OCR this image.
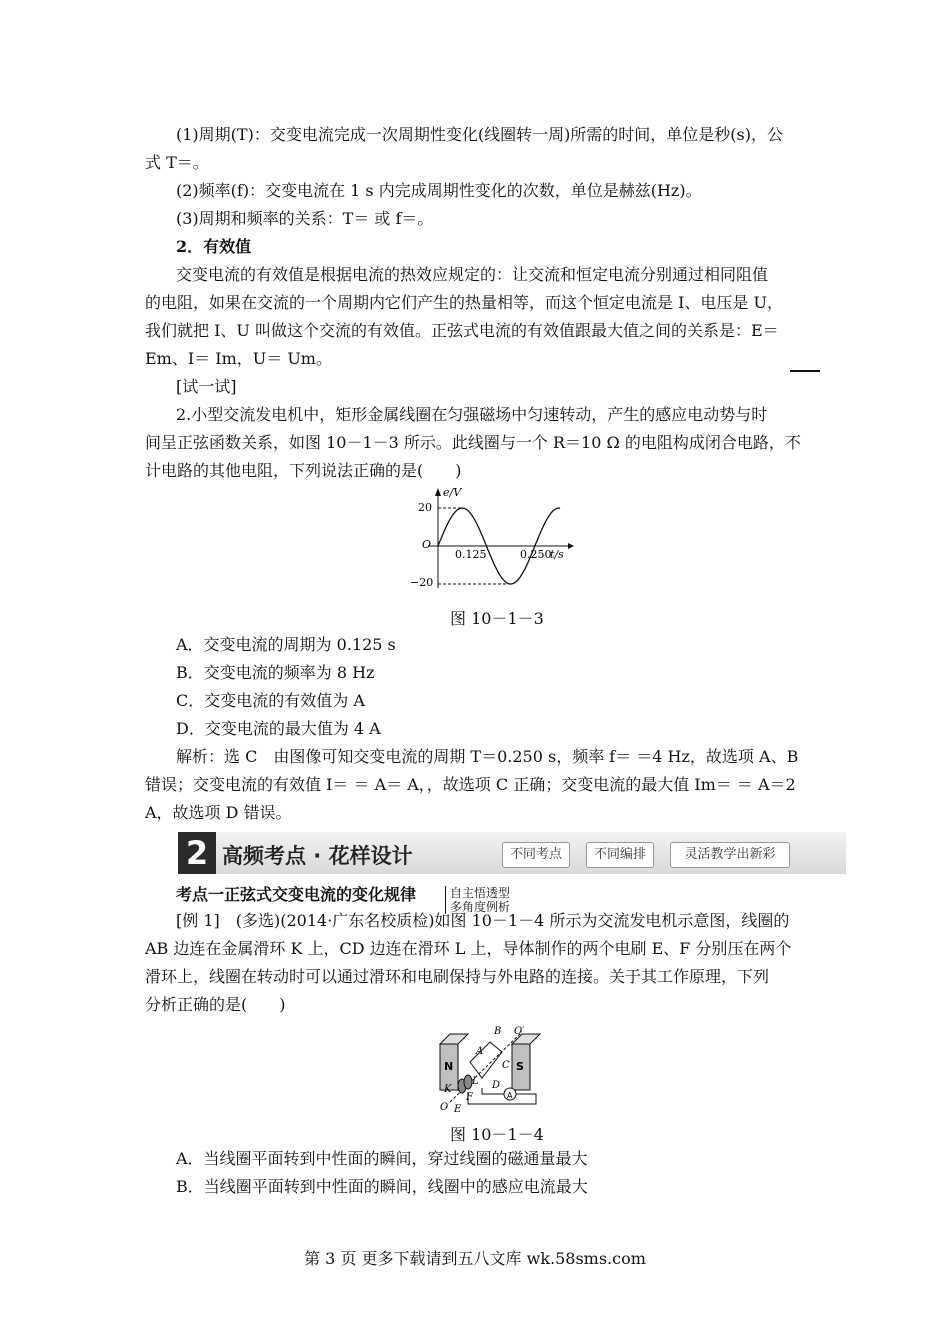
(1)周期(T)：交变电流完成一次周期性变化(线圈转一周)所需的时间，单位是秒(s)，公
式 T＝。
(2)频率(f)：交变电流在 1 s 内完成周期性变化的次数，单位是赫兹(Hz)。
(3)周期和频率的关系：T＝ 或 f＝。
2．有效值
交变电流的有效值是根据电流的热效应规定的：让交流和恒定电流分别通过相同阻值
的电阻，如果在交流的一个周期内它们产生的热量相等，而这个恒定电流是 I、电压是 U，
我们就把 I、U 叫做这个交流的有效值。正弦式电流的有效值跟最大值之间的关系是：E＝
Em、I＝ Im，U＝ Um。
[试一试]
2.小型交流发电机中，矩形金属线圈在匀强磁场中匀速转动，产生的感应电动势与时
间呈正弦函数关系，如图 10－1－3 所示。此线圈与一个 R＝10 Ω 的电阻构成闭合电路，不
计电路的其他电阻，下列说法正确的是(　　)
e/V
t/s
O
20
−20
0.125	0.250
图 10－1－3
A．交变电流的周期为 0.125 s
B．交变电流的频率为 8 Hz
C．交变电流的有效值为 A
D．交变电流的最大值为 4 A
解析：选 C　由图像可知交变电流的周期 T＝0.250 s，频率 f＝ ＝4 Hz，故选项 A、B
错误；交变电流的有效值 I＝ ＝ A＝ A，，故选项 C 正确；交变电流的最大值 Im＝ ＝ A＝2
A，故选项 D 错误。
2 高频考点 · 花样设计	不同考点	不同编排	灵活教学出新彩
考点一正弦式交变电流的变化规律	自主悟透型
多角度例析
[例 1]　(多选)(2014·广东名校质检)如图 10－1－4 所示为交流发电机示意图，线圈的
AB 边连在金属滑环 K 上，CD 边连在滑环 L 上，导体制作的两个电刷 E、F 分别压在两个
滑环上，线圈在转动时可以通过滑环和电刷保持与外电路的连接。关于其工作原理，下列
分析正确的是(　　)
B O′
A
N	S
C
K
L D
F
E
O
A
图 10－1－4
A．当线圈平面转到中性面的瞬间，穿过线圈的磁通量最大
B．当线圈平面转到中性面的瞬间，线圈中的感应电流最大
第 3 页 更多下载请到五八文库 wk.58sms.com
